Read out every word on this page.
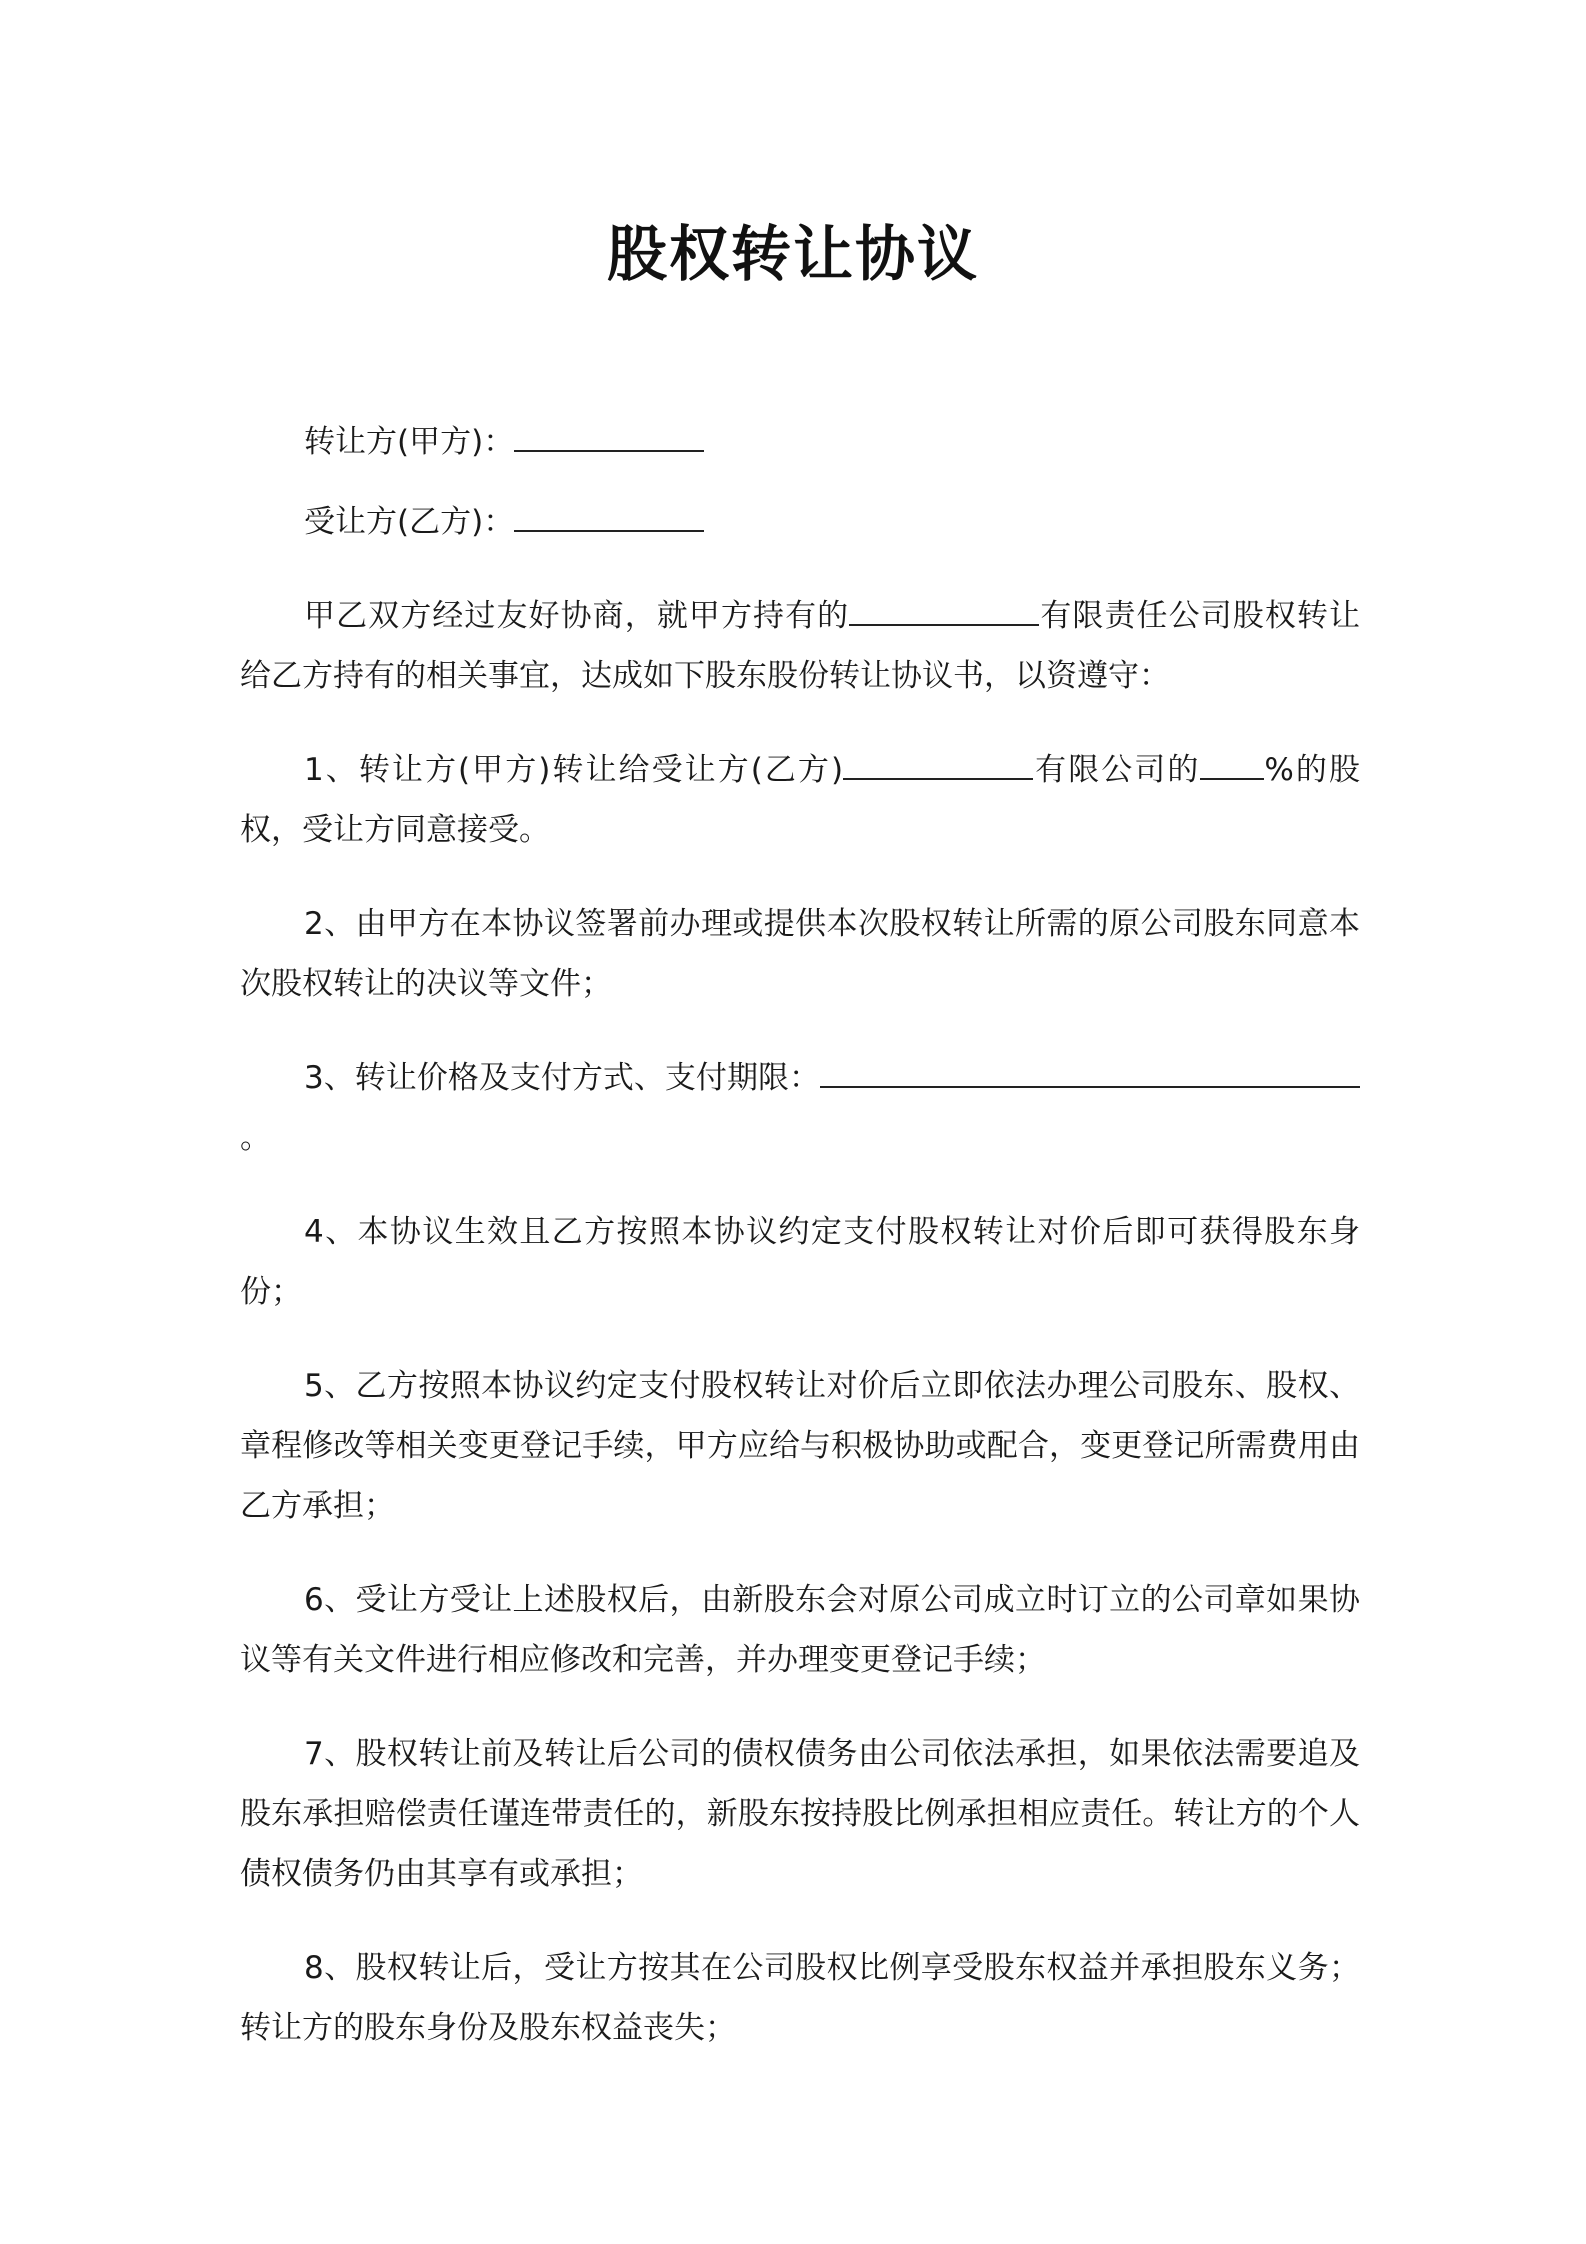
股权转让协议
转让方(甲方)：
受让方(乙方)：

甲乙双方经过友好协商，就甲方持有的	有限责任公司股权转让给乙方持有的相关事宜，达成如下股东股份转让协议书，以资遵守：

1、转让方(甲方)转让给受让方(乙方)	有限公司的 %的股权，受让方同意接受。

2、由甲方在本协议签署前办理或提供本次股权转让所需的原公司股东同意本次股权转让的决议等文件；

3、转让价格及支付方式、支付期限：。

4、本协议生效且乙方按照本协议约定支付股权转让对价后即可获得股东身份；

5、乙方按照本协议约定支付股权转让对价后立即依法办理公司股东、股权、章程修改等相关变更登记手续，甲方应给与积极协助或配合，变更登记所需费用由乙方承担；

6、受让方受让上述股权后，由新股东会对原公司成立时订立的公司章如果协议等有关文件进行相应修改和完善，并办理变更登记手续；

7、股权转让前及转让后公司的债权债务由公司依法承担，如果依法需要追及股东承担赔偿责任谨连带责任的，新股东按持股比例承担相应责任。转让方的个人债权债务仍由其享有或承担；

8、股权转让后，受让方按其在公司股权比例享受股东权益并承担股东义务；转让方的股东身份及股东权益丧失；
